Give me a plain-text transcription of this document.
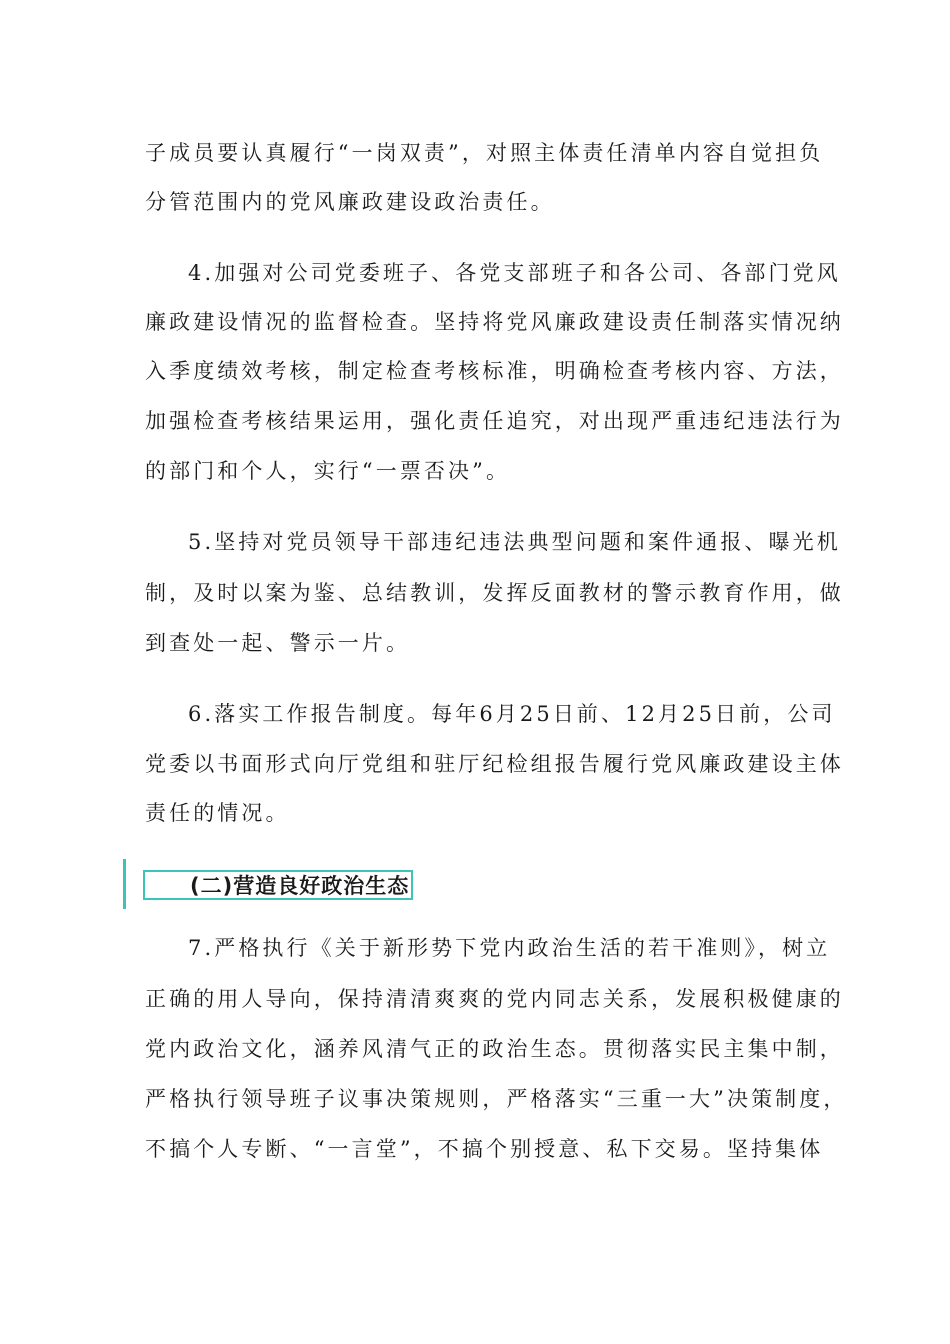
子成员要认真履行“一岗双责”，对照主体责任清单内容自觉担负
分管范围内的党风廉政建设政治责任。
4.加强对公司党委班子、各党支部班子和各公司、各部门党风
廉政建设情况的监督检查。坚持将党风廉政建设责任制落实情况纳
入季度绩效考核，制定检查考核标准，明确检查考核内容、方法，
加强检查考核结果运用，强化责任追究，对出现严重违纪违法行为
的部门和个人，实行“一票否决”。
5.坚持对党员领导干部违纪违法典型问题和案件通报、曝光机
制，及时以案为鉴、总结教训，发挥反面教材的警示教育作用，做
到查处一起、警示一片。
6.落实工作报告制度。每年6月25日前、12月25日前，公司
党委以书面形式向厅党组和驻厅纪检组报告履行党风廉政建设主体
责任的情况。
(二)营造良好政治生态
7.严格执行《关于新形势下党内政治生活的若干准则》，树立
正确的用人导向，保持清清爽爽的党内同志关系，发展积极健康的
党内政治文化，涵养风清气正的政治生态。贯彻落实民主集中制，
严格执行领导班子议事决策规则，严格落实“三重一大”决策制度，
不搞个人专断、“一言堂”，不搞个别授意、私下交易。坚持集体
